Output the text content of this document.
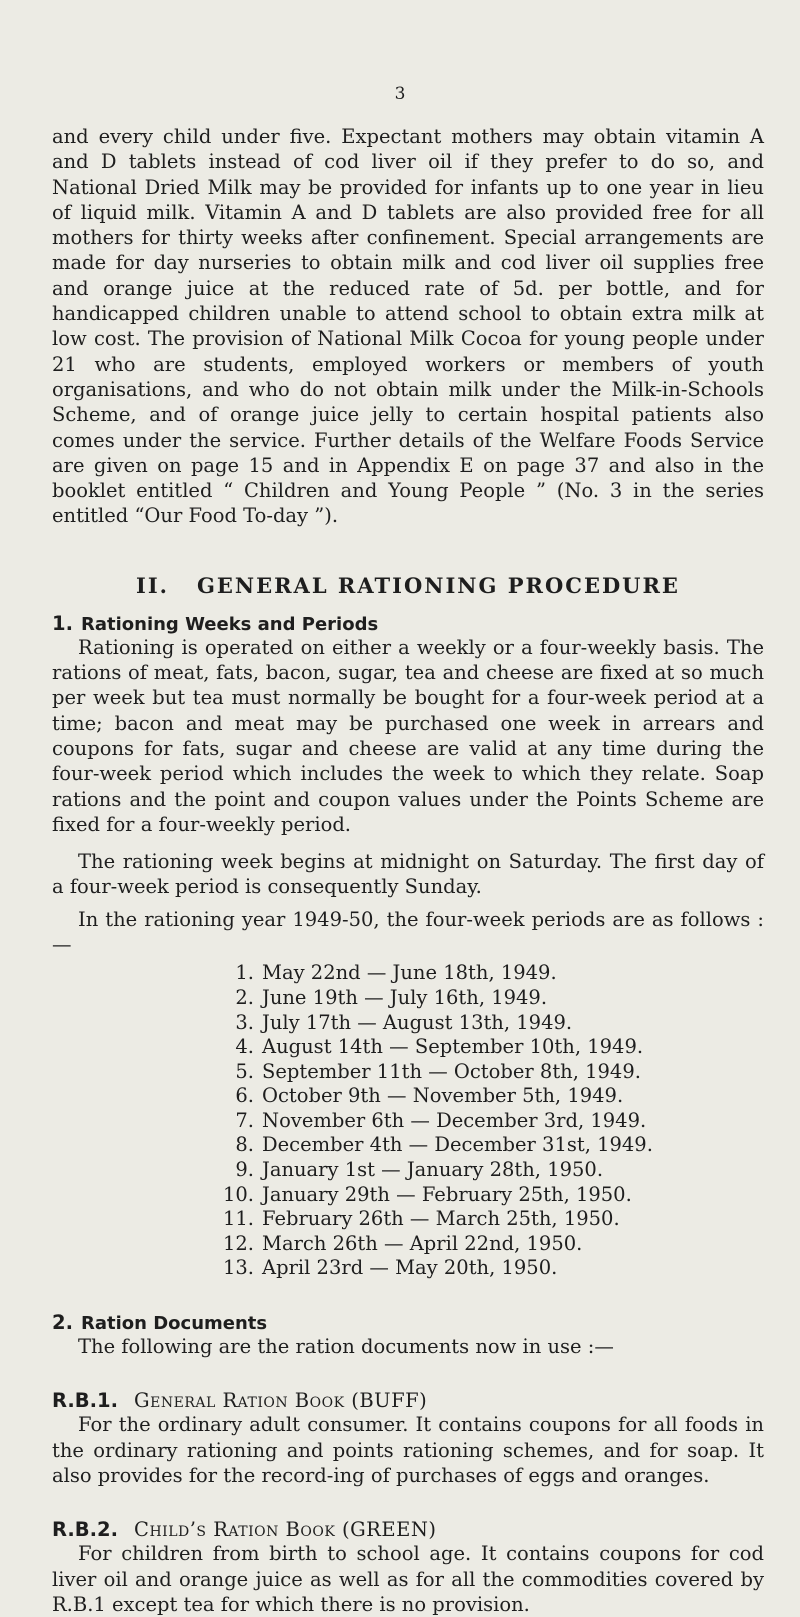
3

and every child under five. Expectant mothers may obtain vitamin A and D tablets instead of cod liver oil if they prefer to do so, and National Dried Milk may be provided for infants up to one year in lieu of liquid milk. Vitamin A and D tablets are also provided free for all mothers for thirty weeks after confinement. Special arrangements are made for day nurseries to obtain milk and cod liver oil supplies free and orange juice at the reduced rate of 5d. per bottle, and for handicapped children unable to attend school to obtain extra milk at low cost. The provision of National Milk Cocoa for young people under 21 who are students, employed workers or members of youth organisations, and who do not obtain milk under the Milk-in-Schools Scheme, and of orange juice jelly to certain hospital patients also comes under the service. Further details of the Welfare Foods Service are given on page 15 and in Appendix E on page 37 and also in the booklet entitled “ Children and Young People ” (No. 3 in the series entitled “Our Food To-day ”).

II. GENERAL RATIONING PROCEDURE
1. Rationing Weeks and Periods

Rationing is operated on either a weekly or a four-weekly basis. The rations of meat, fats, bacon, sugar, tea and cheese are fixed at so much per week but tea must normally be bought for a four-week period at a time; bacon and meat may be purchased one week in arrears and coupons for fats, sugar and cheese are valid at any time during the four-week period which includes the week to which they relate. Soap rations and the point and coupon values under the Points Scheme are fixed for a four-weekly period.

The rationing week begins at midnight on Saturday. The first day of a four-week period is consequently Sunday.

In the rationing year 1949-50, the four-week periods are as follows :—

1. May 22nd — June 18th, 1949.
2. June 19th — July 16th, 1949.
3. July 17th — August 13th, 1949.
4. August 14th — September 10th, 1949.
5. September 11th — October 8th, 1949.
6. October 9th — November 5th, 1949.
7. November 6th — December 3rd, 1949.
8. December 4th — December 31st, 1949.
9. January 1st — January 28th, 1950.
10. January 29th — February 25th, 1950.
11. February 26th — March 25th, 1950.
12. March 26th — April 22nd, 1950.
13. April 23rd — May 20th, 1950.
2. Ration Documents

The following are the ration documents now in use :—

R.B.1. General Ration Book (BUFF)

For the ordinary adult consumer. It contains coupons for all foods in the ordinary rationing and points rationing schemes, and for soap. It also provides for the record-ing of purchases of eggs and oranges.

R.B.2. Child’s Ration Book (GREEN)

For children from birth to school age. It contains coupons for cod liver oil and orange juice as well as for all the commodities covered by R.B.1 except tea for which there is no provision.
